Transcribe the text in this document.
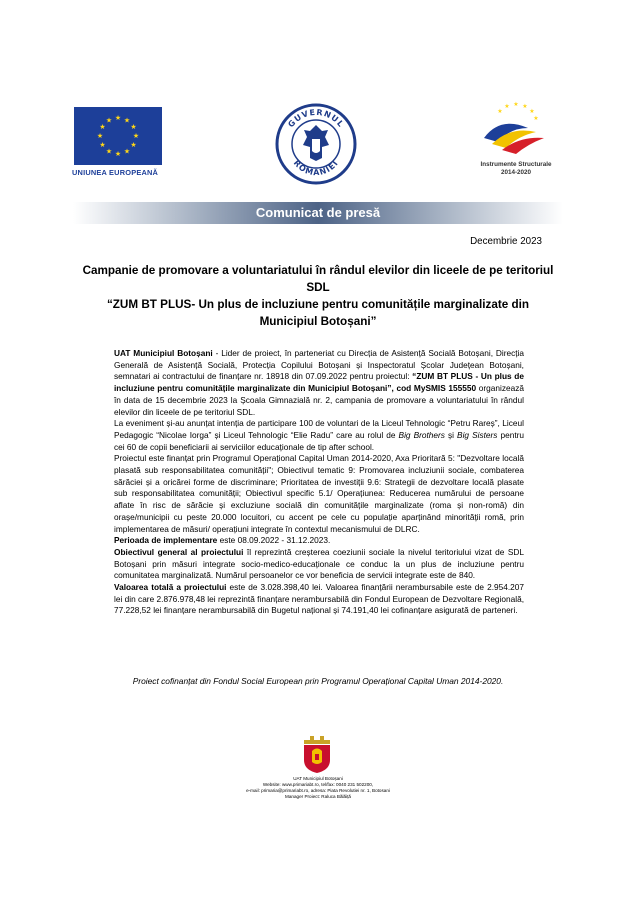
★ ★
★
★
★
★
★
★
★
★
★
★
UNIUNEA EUROPEANĂ
GUVERNUL
ROMÂNIEI
★ ★
★
★
★
★
Instrumente Structurale
2014-2020
Comunicat de presă
Decembrie 2023
Campanie de promovare a voluntariatului în rândul elevilor din liceele de pe teritoriul SDL
“ZUM BT PLUS- Un plus de incluziune pentru comunitățile marginalizate din Municipiul Botoșani”

UAT Municipiul Botoșani - Lider de proiect, în parteneriat cu Direcția de Asistență Socială Botoșani, Direcția Generală de Asistență Socială, Protecția Copilului Botoșani și Inspectoratul Școlar Județean Botoșani, semnatari ai contractului de finanțare nr. 18918 din 07.09.2022 pentru proiectul: “ZUM BT PLUS - Un plus de incluziune pentru comunitățile marginalizate din Municipiul Botoșani”, cod MySMIS 155550 organizează în data de 15 decembrie 2023 la Școala Gimnazială nr. 2, campania de promovare a voluntariatului în rândul elevilor din liceele de pe teritoriul SDL.

La eveniment și-au anunțat intenția de participare 100 de voluntari de la Liceul Tehnologic “Petru Rareș”, Liceul Pedagogic “Nicolae Iorga” și Liceul Tehnologic “Elie Radu” care au rolul de Big Brothers și Big Sisters pentru cei 60 de copii beneficiarii ai serviciilor educaționale de tip after school.

Proiectul este finanțat prin Programul Operațional Capital Uman 2014-2020, Axa Prioritară 5: "Dezvoltare locală plasată sub responsabilitatea comunității"; Obiectivul tematic 9: Promovarea incluziunii sociale, combaterea sărăciei și a oricărei forme de discriminare; Prioritatea de investiții 9.6: Strategii de dezvoltare locală plasate sub responsabilitatea comunității; Obiectivul specific 5.1/ Operațiunea: Reducerea numărului de persoane aflate în risc de sărăcie și excluziune socială din comunitățile marginalizate (roma și non-romă) din orașe/municipii cu peste 20.000 locuitori, cu accent pe cele cu populație aparținând minorității romă, prin implementarea de măsuri/ operațiuni integrate în contextul mecanismului de DLRC.

Perioada de implementare este 08.09.2022 - 31.12.2023.

Obiectivul general al proiectului îl reprezintă creșterea coeziunii sociale la nivelul teritoriului vizat de SDL Botoșani prin măsuri integrate socio-medico-educaționale ce conduc la un plus de incluziune pentru comunitatea marginalizată. Numărul persoanelor ce vor beneficia de servicii integrate este de 840.

Valoarea totală a proiectului este de 3.028.398,40 lei. Valoarea finanțării nerambursabile este de 2.954.207 lei din care 2.876.978,48 lei reprezintă finanțare nerambursabilă din Fondul European de Dezvoltare Regională, 77.228,52 lei finanțare nerambursabilă din Bugetul național și 74.191,40 lei cofinanțare asigurată de parteneri.

Proiect cofinanțat din Fondul Social European prin Programul Operațional Capital Uman 2014-2020.
UAT Municipiul Botoșani
Website: www.primariabt.ro, tel/fax: 0040 231 502200,
e-mail: primaria@primariabt.ro, adresa: Piata Revolutiei nr. 1, Botosani
Manager Proiect: Raluca Bălăiță
